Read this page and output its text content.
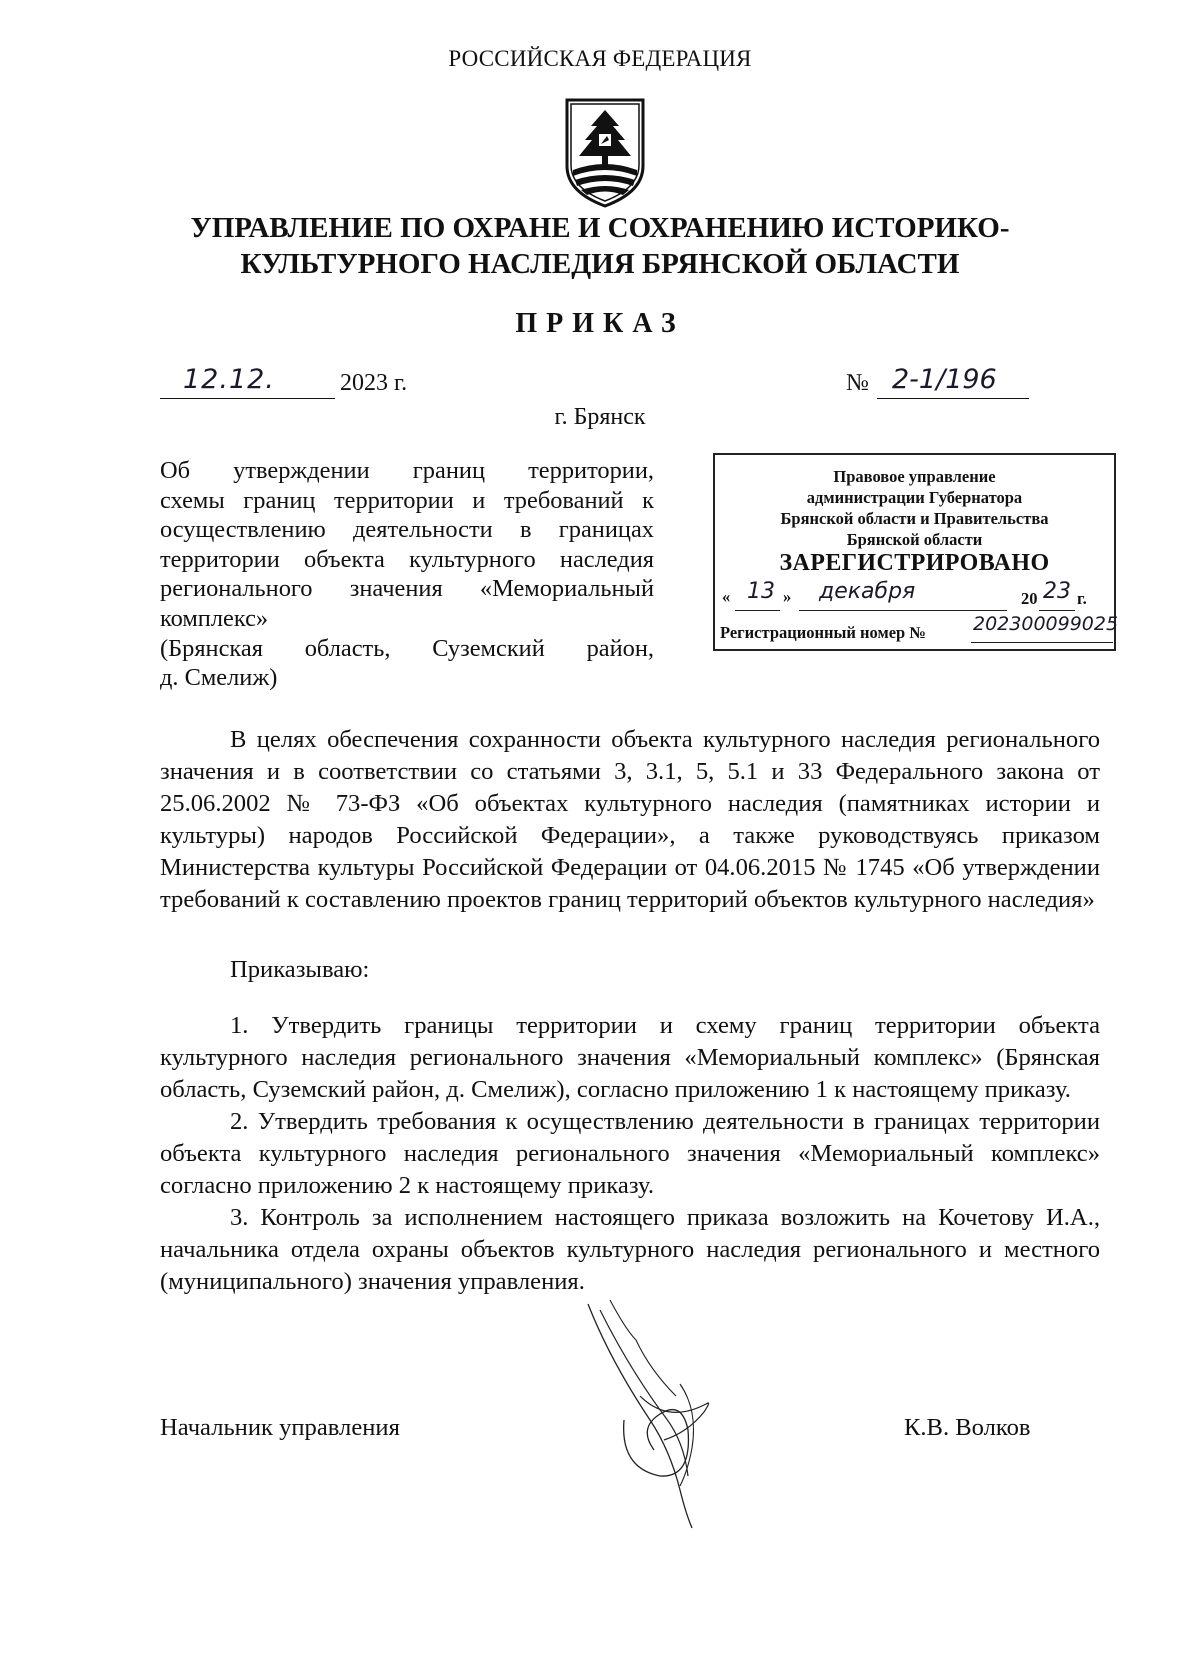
РОССИЙСКАЯ ФЕДЕРАЦИЯ
УПРАВЛЕНИЕ ПО ОХРАНЕ И СОХРАНЕНИЮ ИСТОРИКО-
КУЛЬТУРНОГО НАСЛЕДИЯ БРЯНСКОЙ ОБЛАСТИ
ПРИКАЗ
12.12.	2023 г.	№ 2-1/196
г. Брянск
Об утверждении границ территории,
схемы границ территории и требований к
осуществлению деятельности в границах
территории объекта культурного наследия
регионального значения «Мемориальный
комплекс»
(Брянская область, Суземский район,
д. Смелиж)
Правовое управление
администрации Губернатора
Брянской области и Правительства
Брянской области
ЗАРЕГИСТРИРОВАНО
« 13 » декабря	20 23 г.
Регистрационный номер № 202300099025

В целях обеспечения сохранности объекта культурного наследия регионального значения и в соответствии со статьями 3, 3.1, 5, 5.1 и 33 Федерального закона от 25.06.2002 № 73-ФЗ «Об объектах культурного наследия (памятниках истории и культуры) народов Российской Федерации», а также руководствуясь приказом Министерства культуры Российской Федерации от 04.06.2015 № 1745 «Об утверждении требований к составлению проектов границ территорий объектов культурного наследия»

Приказываю:

1. Утвердить границы территории и схему границ территории объекта культурного наследия регионального значения «Мемориальный комплекс» (Брянская область, Суземский район, д. Смелиж), согласно приложению 1 к настоящему приказу.

2. Утвердить требования к осуществлению деятельности в границах территории объекта культурного наследия регионального значения «Мемориальный комплекс» согласно приложению 2 к настоящему приказу.

3. Контроль за исполнением настоящего приказа возложить на Кочетову И.А., начальника отдела охраны объектов культурного наследия регионального и местного (муниципального) значения управления.

Начальник управления	К.В. Волков
